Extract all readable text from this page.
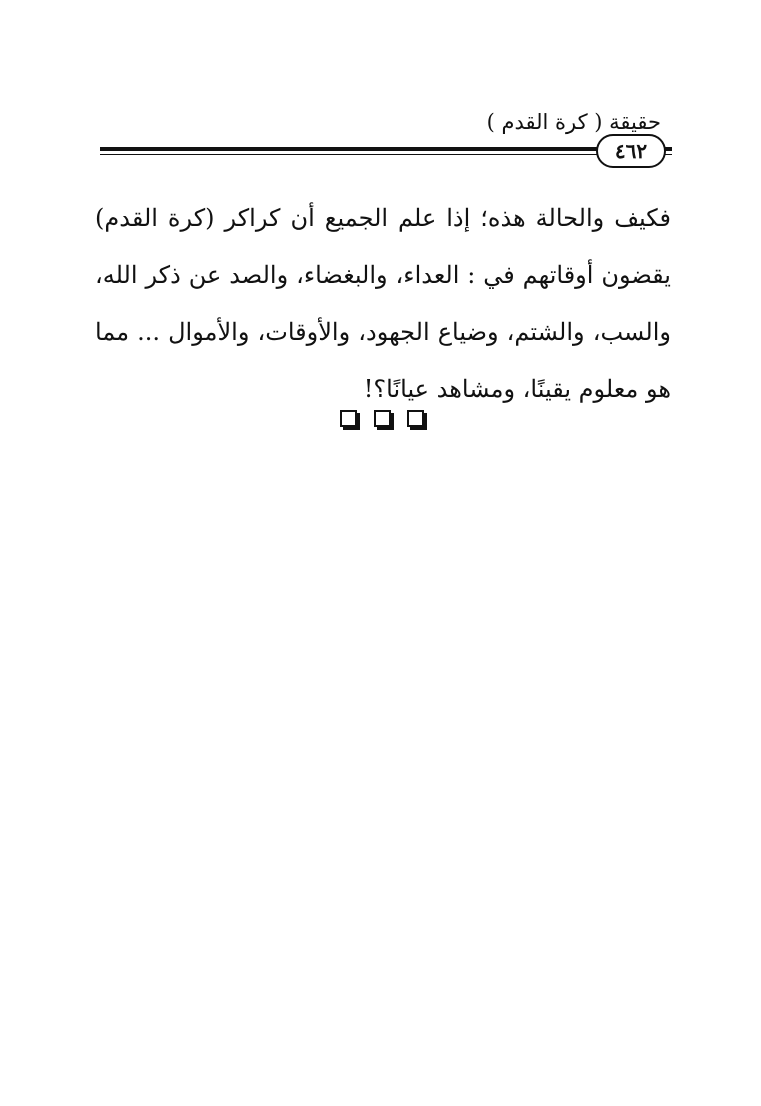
حقيقة ( كرة القدم )
٤٦٢
فكيف والحالة هذه؛ إذا علم الجميع أن كراكر (كرة القدم) يقضون أوقاتهم في : العداء، والبغضاء، والصد عن ذكر الله، والسب، والشتم، وضياع الجهود، والأوقات، والأموال ... مما هو معلوم يقينًا، ومشاهد عيانًا؟!
